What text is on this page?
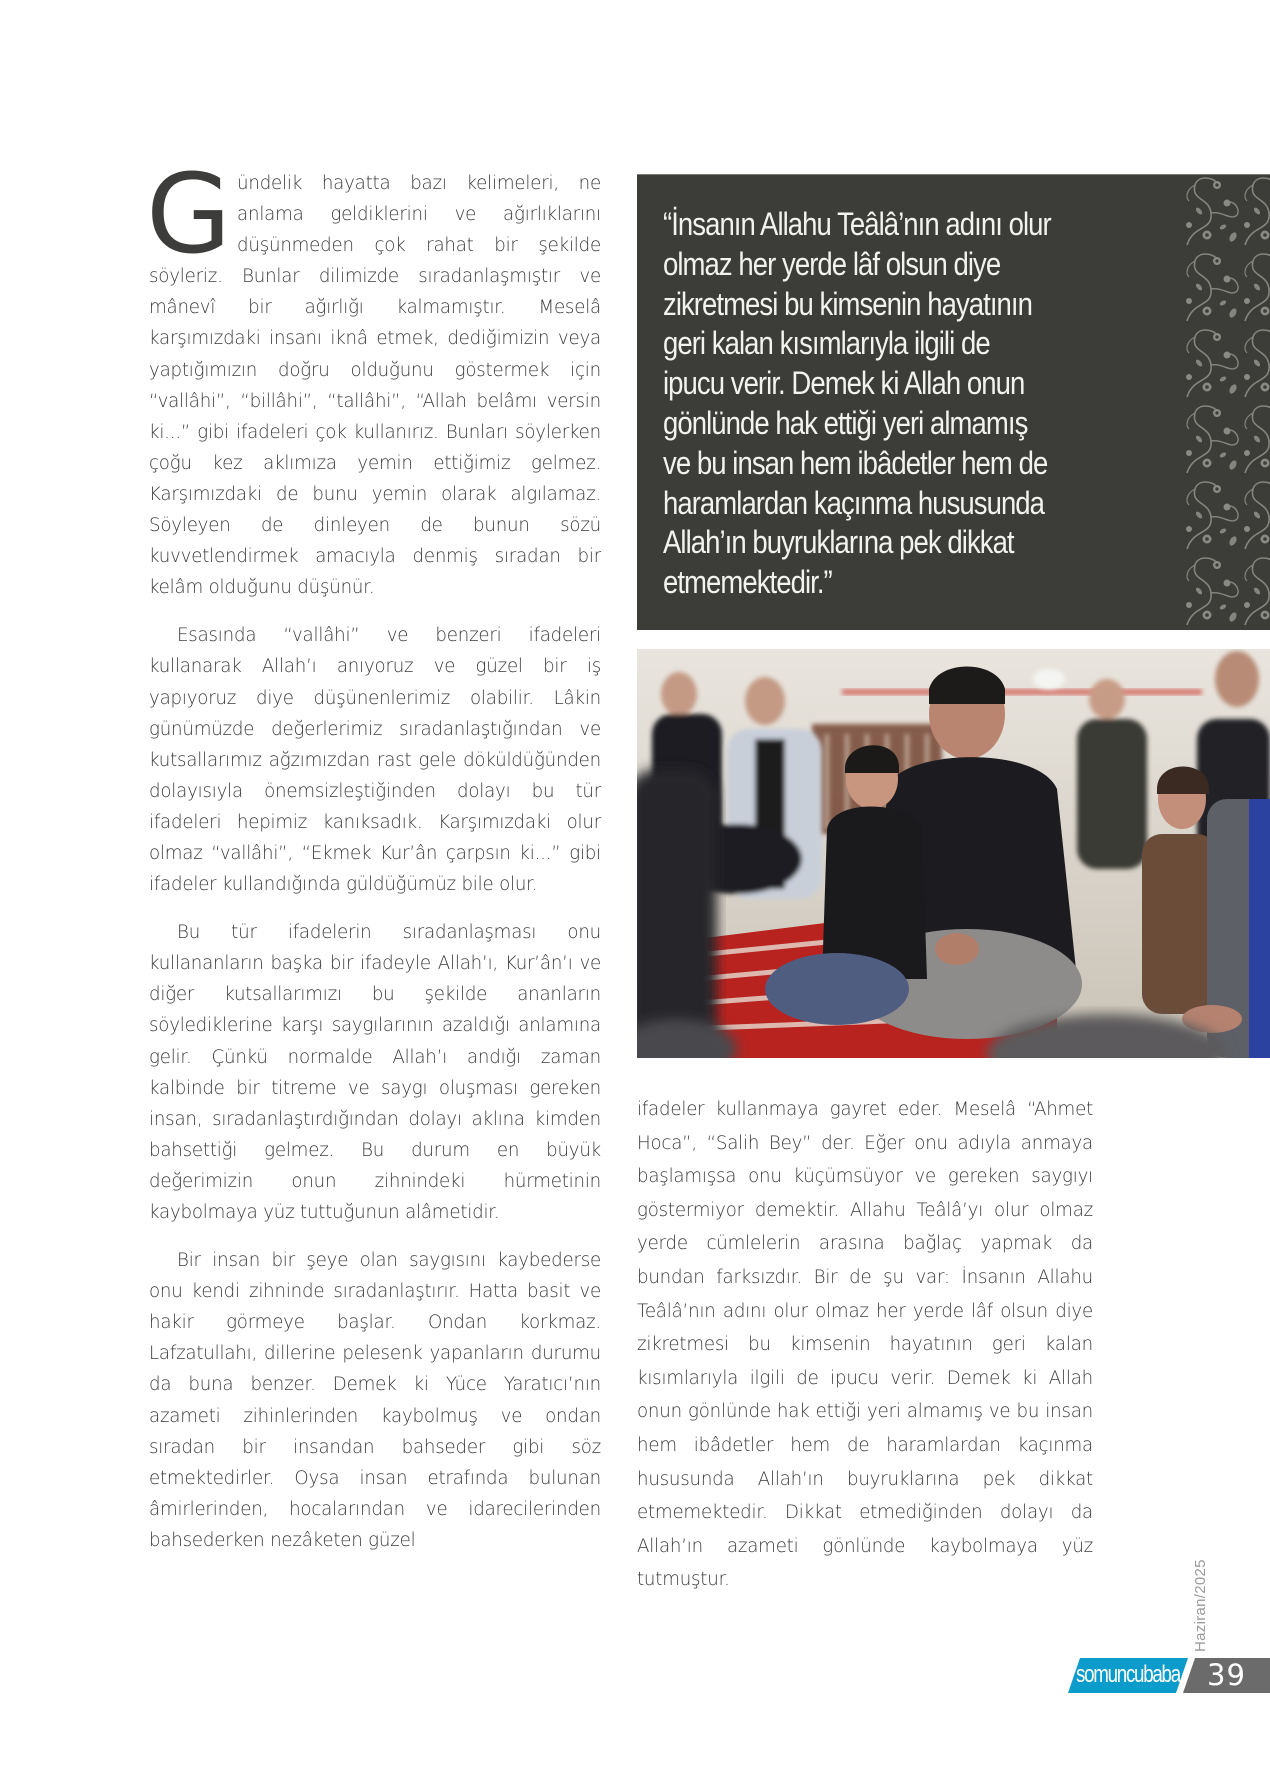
Gündelik hayatta bazı kelimeleri, ne anlama geldiklerini ve ağırlıklarını düşünmeden çok rahat bir şekilde söyleriz. Bunlar dilimizde sıradanlaşmıştır ve mânevî bir ağırlığı kalmamıştır. Meselâ karşımızdaki insanı iknâ etmek, dediğimizin veya yaptığımızın doğru olduğunu göstermek için “vallâhi”, “billâhi”, “tallâhi”, “Allah belâmı versin ki...” gibi ifadeleri çok kullanırız. Bunları söylerken çoğu kez aklımıza yemin ettiğimiz gelmez. Karşımızdaki de bunu yemin olarak algılamaz. Söyleyen de dinleyen de bunun sözü kuvvetlendirmek amacıyla denmiş sıradan bir kelâm olduğunu düşünür.

Esasında “vallâhi” ve benzeri ifadeleri kullanarak Allah’ı anıyoruz ve güzel bir iş yapıyoruz diye düşünenlerimiz olabilir. Lâkin günümüzde değerlerimiz sıradanlaştığından ve kutsallarımız ağzımızdan rast gele döküldüğünden dolayısıyla önemsizleştiğinden dolayı bu tür ifadeleri hepimiz kanıksadık. Karşımızdaki olur olmaz “vallâhi”, “Ekmek Kur’ân çarpsın ki...” gibi ifadeler kullandığında güldüğümüz bile olur.

Bu tür ifadelerin sıradanlaşması onu kullananların başka bir ifadeyle Allah’ı, Kur’ân’ı ve diğer kutsallarımızı bu şekilde ananların söylediklerine karşı saygılarının azaldığı anlamına gelir. Çünkü normalde Allah’ı andığı zaman kalbinde bir titreme ve saygı oluşması gereken insan, sıradanlaştırdığından dolayı aklına kimden bahsettiği gelmez. Bu durum en büyük değerimizin onun zihnindeki hürmetinin kaybolmaya yüz tuttuğunun alâmetidir.

Bir insan bir şeye olan saygısını kaybederse onu kendi zihninde sıradanlaştırır. Hatta basit ve hakir görmeye başlar. Ondan korkmaz. Lafzatullahı, dillerine pelesenk yapanların durumu da buna benzer. Demek ki Yüce Yaratıcı’nın azameti zihinlerinden kaybolmuş ve ondan sıradan bir insandan bahseder gibi söz etmektedirler. Oysa insan etrafında bulunan âmirlerinden, hocalarından ve idarecilerinden bahsederken nezâketen güzel

“İnsanın Allahu Teâlâ’nın adını olur
olmaz her yerde lâf olsun diye
zikretmesi bu kimsenin hayatının
geri kalan kısımlarıyla ilgili de
ipucu verir. Demek ki Allah onun
gönlünde hak ettiği yeri almamış
ve bu insan hem ibâdetler hem de
haramlardan kaçınma hususunda
Allah’ın buyruklarına pek dikkat
etmemektedir.”

ifadeler kullanmaya gayret eder. Meselâ “Ahmet Hoca”, “Salih Bey” der. Eğer onu adıyla anmaya başlamışsa onu küçümsüyor ve gereken saygıyı göstermiyor demektir. Allahu Teâlâ’yı olur olmaz yerde cümlelerin arasına bağlaç yapmak da bundan farksızdır. Bir de şu var: İnsanın Allahu Teâlâ’nın adını olur olmaz her yerde lâf olsun diye zikretmesi bu kimsenin hayatının geri kalan kısımlarıyla ilgili de ipucu verir. Demek ki Allah onun gönlünde hak ettiği yeri almamış ve bu insan hem ibâdetler hem de haramlardan kaçınma hususunda Allah’ın buyruklarına pek dikkat etmemektedir. Dikkat etmediğinden dolayı da Allah’ın azameti gönlünde kaybolmaya yüz tutmuştur.	Haziran/2025
somuncubaba 39
